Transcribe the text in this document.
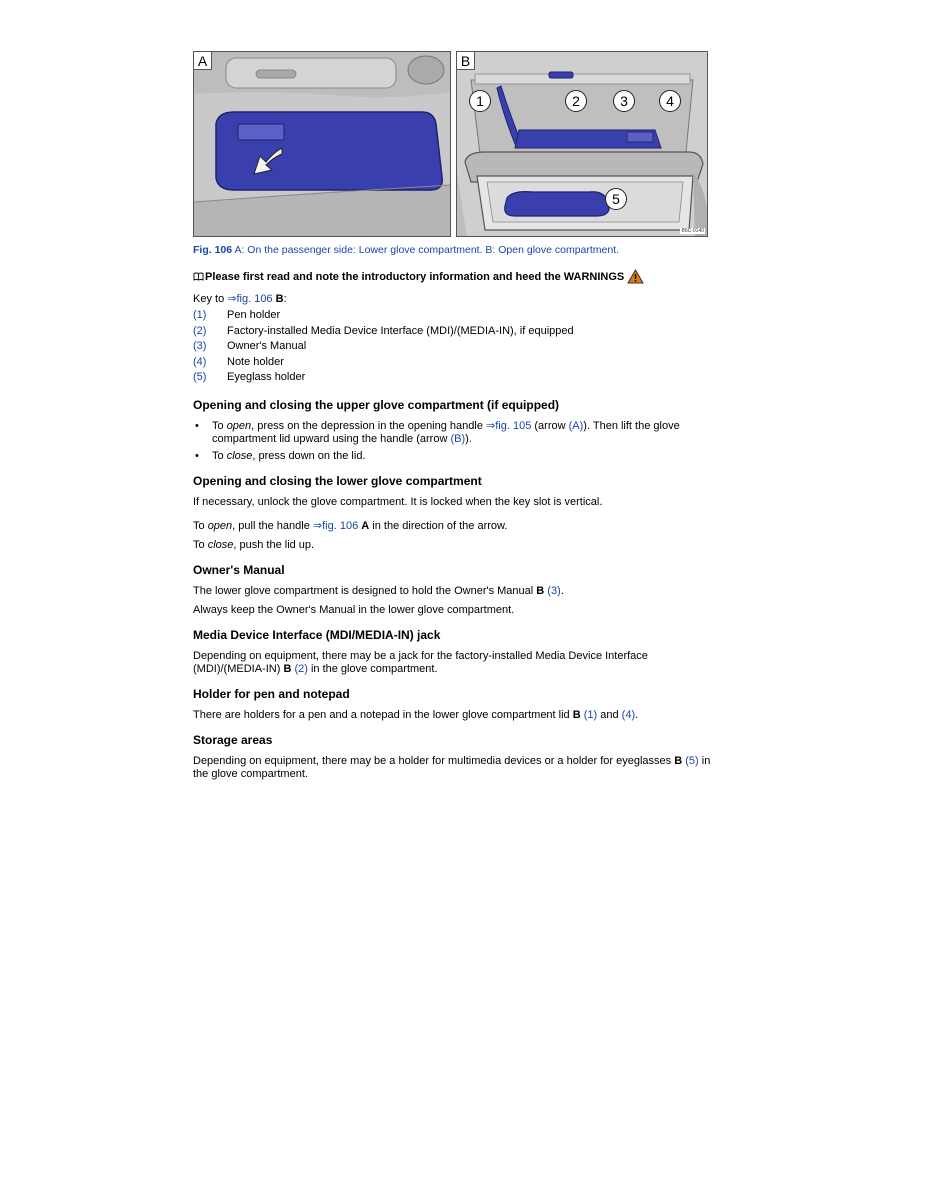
A	B
1	2	3	4
5
B6C-0140
Fig. 106 A: On the passenger side: Lower glove compartment. B: Open glove compartment.
Please first read and note the introductory information and heed the WARNINGS

Key to ⇒fig. 106 B:

(1)	Pen holder
(2)	Factory-installed Media Device Interface (MDI)/(MEDIA-IN), if equipped
(3)	Owner's Manual
(4)	Note holder
(5)	Eyeglass holder
Opening and closing the upper glove compartment (if equipped)
•	To open, press on the depression in the opening handle ⇒fig. 105 (arrow (A)). Then lift the glove compartment lid upward using the handle (arrow (B)).
•	To close, press down on the lid.
Opening and closing the lower glove compartment

If necessary, unlock the glove compartment. It is locked when the key slot is vertical.

To open, pull the handle ⇒fig. 106 A in the direction of the arrow.

To close, push the lid up.

Owner's Manual

The lower glove compartment is designed to hold the Owner's Manual B (3).

Always keep the Owner's Manual in the lower glove compartment.

Media Device Interface (MDI/MEDIA-IN) jack

Depending on equipment, there may be a jack for the factory-installed Media Device Interface (MDI)/(MEDIA-IN) B (2) in the glove compartment.

Holder for pen and notepad

There are holders for a pen and a notepad in the lower glove compartment lid B (1) and (4).

Storage areas

Depending on equipment, there may be a holder for multimedia devices or a holder for eyeglasses B (5) in the glove compartment.
